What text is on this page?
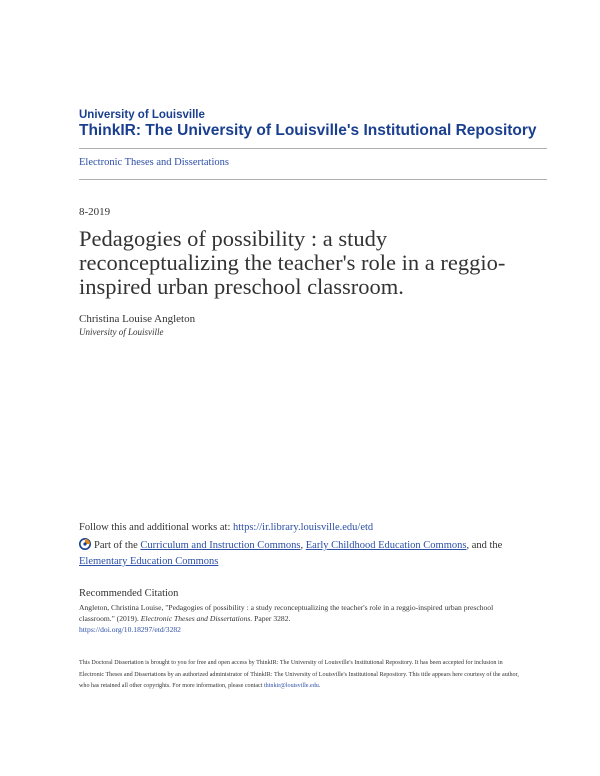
University of Louisville
ThinkIR: The University of Louisville's Institutional Repository
Electronic Theses and Dissertations
8-2019
Pedagogies of possibility : a study reconceptualizing the teacher's role in a reggio-inspired urban preschool classroom.
Christina Louise Angleton
University of Louisville
Follow this and additional works at: https://ir.library.louisville.edu/etd
Part of the Curriculum and Instruction Commons, Early Childhood Education Commons, and the Elementary Education Commons
Recommended Citation
Angleton, Christina Louise, "Pedagogies of possibility : a study reconceptualizing the teacher's role in a reggio-inspired urban preschool classroom." (2019). Electronic Theses and Dissertations. Paper 3282.
https://doi.org/10.18297/etd/3282
This Doctoral Dissertation is brought to you for free and open access by ThinkIR: The University of Louisville's Institutional Repository. It has been accepted for inclusion in Electronic Theses and Dissertations by an authorized administrator of ThinkIR: The University of Louisville's Institutional Repository. This title appears here courtesy of the author, who has retained all other copyrights. For more information, please contact thinkir@louisville.edu.
